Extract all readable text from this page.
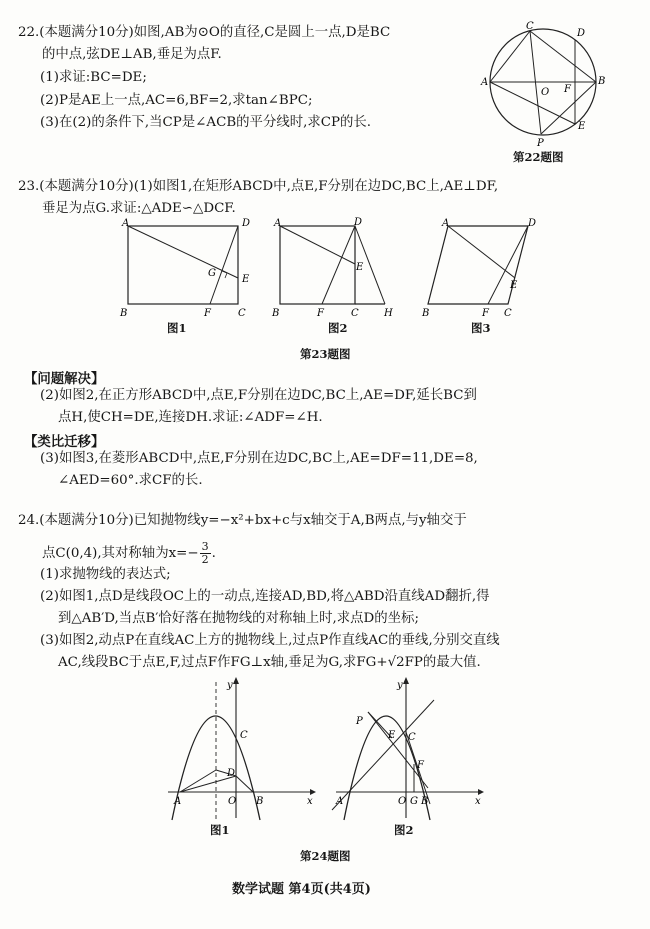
22.(本题满分10分)如图,AB为⊙O的直径,C是圆上一点,D是BC
的中点,弦DE⊥AB,垂足为点F.
(1)求证:BC=DE;
(2)P是AE上一点,AC=6,BF=2,求tan∠BPC;
(3)在(2)的条件下,当CP是∠ACB的平分线时,求CP的长.
C
D
A
O F
B
P
E
第22题图
23.(本题满分10分)(1)如图1,在矩形ABCD中,点E,F分别在边DC,BC上,AE⊥DF,
垂足为点G.求证:△ADE∽△DCF.
A	D
G
E
B	F	C
图1
A	D
E
B	F	C	H
图2
A	D
E
B	F C
图3
第23题图
【问题解决】
(2)如图2,在正方形ABCD中,点E,F分别在边DC,BC上,AE=DF,延长BC到
点H,使CH=DE,连接DH.求证:∠ADF=∠H.
【类比迁移】
(3)如图3,在菱形ABCD中,点E,F分别在边DC,BC上,AE=DF=11,DE=8,
∠AED=60°.求CF的长.
24.(本题满分10分)已知抛物线y=−x²+bx+c与x轴交于A,B两点,与y轴交于
点C(0,4),其对称轴为$x=- \frac{3}{2}$ .
(1)求抛物线的表达式;
(2)如图1,点D是线段OC上的一动点,连接AD,BD,将△ABD沿直线AD翻折,得
到△AB′D,当点B′恰好落在抛物线的对称轴上时,求点D的坐标;
(3)如图2,动点P在直线AC上方的抛物线上,过点P作直线AC的垂线,分别交直线
AC,线段BC于点E,F,过点F作FG⊥x轴,垂足为G,求FG+√2FP的最大值.
y
C
D
A	O B	x
图1
y
P
E C
F
A	O G B	x
图2
第24题图
数学试题 第4页(共4页)
